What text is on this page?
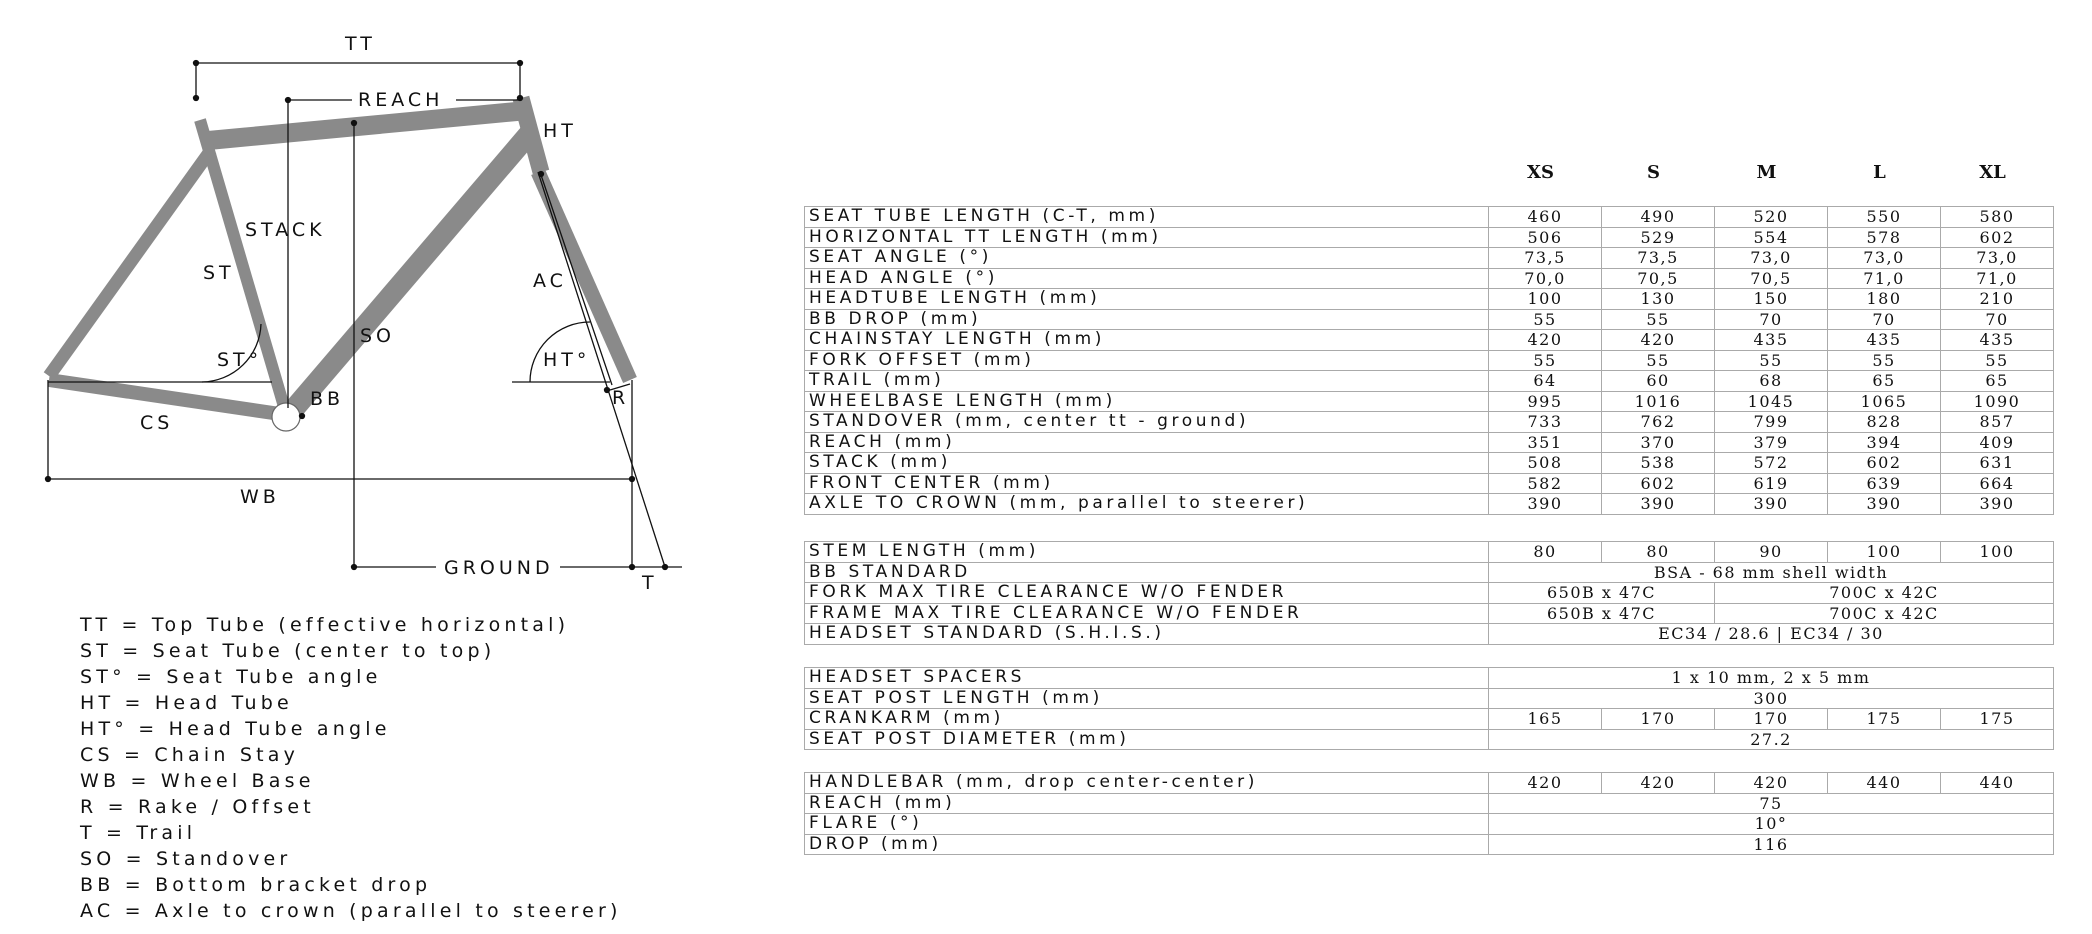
TT
REACH
HT
STACK
ST	AC
SO
ST°	HT°
R
BB
CS
WB
GROUND
T
TT = Top Tube (effective horizontal)
ST = Seat Tube (center to top)
ST° = Seat Tube angle
HT = Head Tube
HT° = Head Tube angle
CS = Chain Stay
WB = Wheel Base
R = Rake / Offset
T = Trail
SO = Standover
BB = Bottom bracket drop
AC = Axle to crown (parallel to steerer)
XS	S	M	L	XL
SEAT TUBE LENGTH (C-T, mm)	460	490	520	550	580
HORIZONTAL TT LENGTH (mm)	506	529	554	578	602
SEAT ANGLE (°)	73,5	73,5	73,0	73,0	73,0
HEAD ANGLE (°)	70,0	70,5	70,5	71,0	71,0
HEADTUBE LENGTH (mm)	100	130	150	180	210
BB DROP (mm)	55	55	70	70	70
CHAINSTAY LENGTH (mm)	420	420	435	435	435
FORK OFFSET (mm)	55	55	55	55	55
TRAIL (mm)	64	60	68	65	65
WHEELBASE LENGTH (mm)	995	1016	1045	1065	1090
STANDOVER (mm, center tt - ground)	733	762	799	828	857
REACH (mm)	351	370	379	394	409
STACK (mm)	508	538	572	602	631
FRONT CENTER (mm)	582	602	619	639	664
AXLE TO CROWN (mm, parallel to steerer)	390	390	390	390	390
STEM LENGTH (mm)	80	80	90	100	100
BB STANDARD	BSA - 68 mm shell width				
FORK MAX TIRE CLEARANCE W/O FENDER	650B x 47C		700C x 42C		
FRAME MAX TIRE CLEARANCE W/O FENDER	650B x 47C		700C x 42C		
HEADSET STANDARD (S.H.I.S.)	EC34 / 28.6 | EC34 / 30				
HEADSET SPACERS	1 x 10 mm, 2 x 5 mm				
SEAT POST LENGTH (mm)	300				
CRANKARM (mm)	165	170	170	175	175
SEAT POST DIAMETER (mm)	27.2				
HANDLEBAR (mm, drop center-center)	420	420	420	440	440
REACH (mm)	75				
FLARE (°)	10°				
DROP (mm)	116				
